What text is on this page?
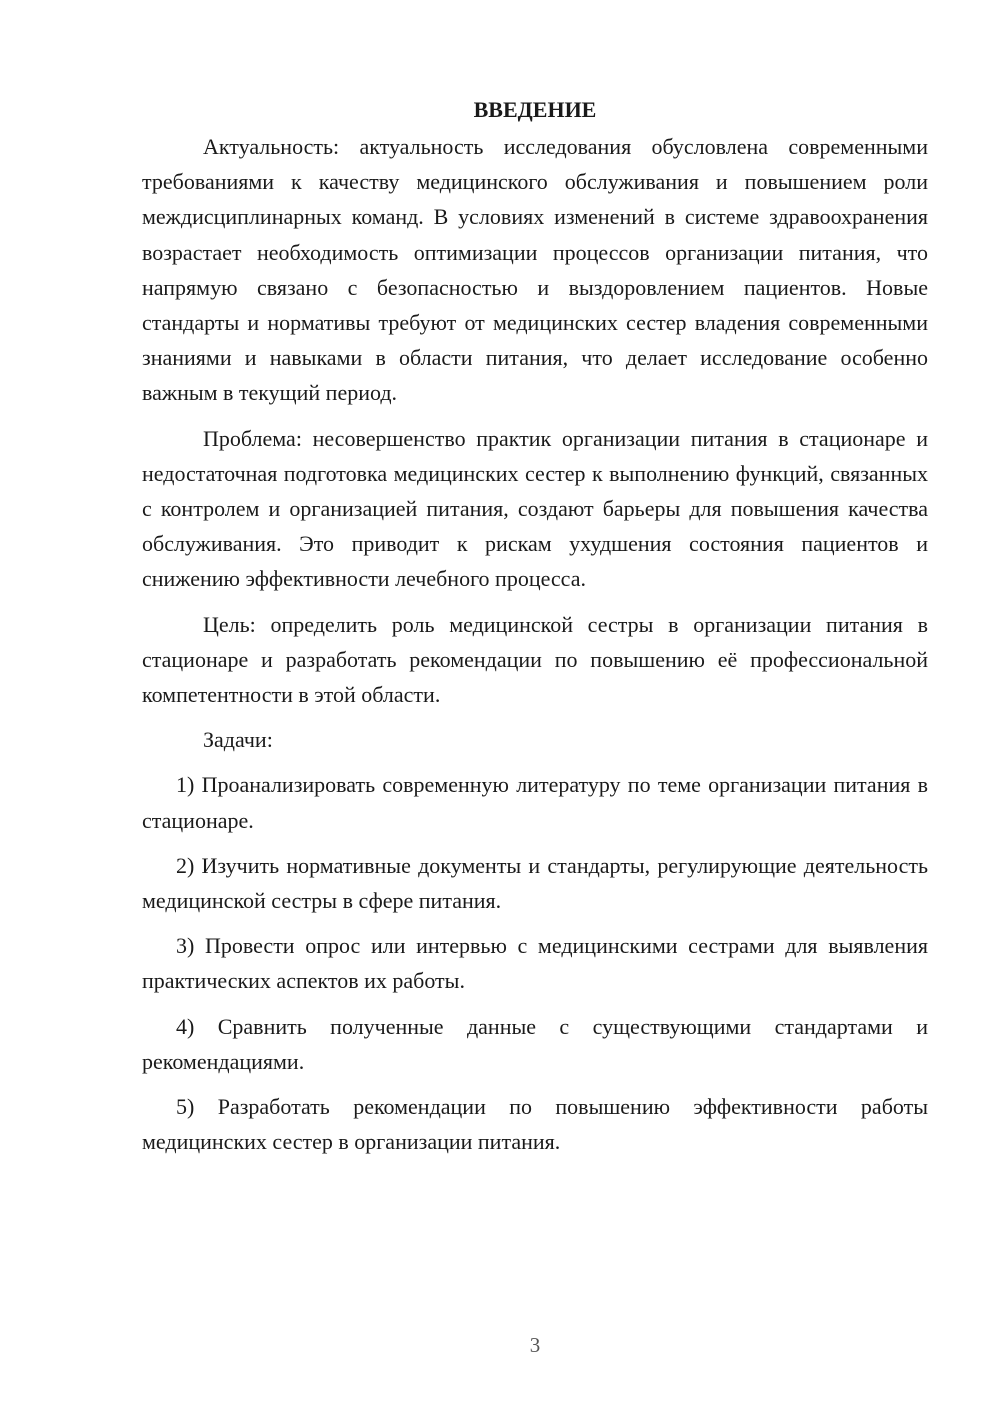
ВВЕДЕНИЕ

Актуальность: актуальность исследования обусловлена современными требованиями к качеству медицинского обслуживания и повышением роли междисциплинарных команд. В условиях изменений в системе здравоохранения возрастает необходимость оптимизации процессов организации питания, что напрямую связано с безопасностью и выздоровлением пациентов. Новые стандарты и нормативы требуют от медицинских сестер владения современными знаниями и навыками в области питания, что делает исследование особенно важным в текущий период.

Проблема: несовершенство практик организации питания в стационаре и недостаточная подготовка медицинских сестер к выполнению функций, связанных с контролем и организацией питания, создают барьеры для повышения качества обслуживания. Это приводит к рискам ухудшения состояния пациентов и снижению эффективности лечебного процесса.

Цель: определить роль медицинской сестры в организации питания в стационаре и разработать рекомендации по повышению её профессиональной компетентности в этой области.

Задачи:

1) Проанализировать современную литературу по теме организации питания в стационаре.

2) Изучить нормативные документы и стандарты, регулирующие деятельность медицинской сестры в сфере питания.

3) Провести опрос или интервью с медицинскими сестрами для выявления практических аспектов их работы.

4) Сравнить полученные данные с существующими стандартами и рекомендациями.

5) Разработать рекомендации по повышению эффективности работы медицинских сестер в организации питания.

3
